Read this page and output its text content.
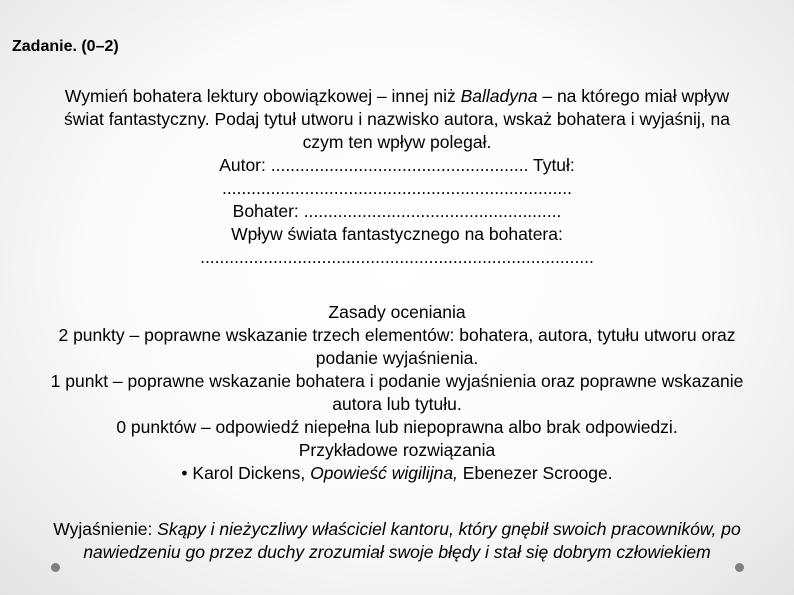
Zadanie. (0–2)
Wymień bohatera lektury obowiązkowej – innej niż Balladyna – na którego miał wpływ
świat fantastyczny. Podaj tytuł utworu i nazwisko autora, wskaż bohatera i wyjaśnij, na
czym ten wpływ polegał.
Autor: ..................................................... Tytuł:
........................................................................
Bohater: .....................................................
Wpływ świata fantastycznego na bohatera:
.................................................................................
Zasady oceniania
2 punkty – poprawne wskazanie trzech elementów: bohatera, autora, tytułu utworu oraz
podanie wyjaśnienia.
1 punkt – poprawne wskazanie bohatera i podanie wyjaśnienia oraz poprawne wskazanie
autora lub tytułu.
0 punktów – odpowiedź niepełna lub niepoprawna albo brak odpowiedzi.
Przykładowe rozwiązania
• Karol Dickens, Opowieść wigilijna, Ebenezer Scrooge.
Wyjaśnienie: Skąpy i nieżyczliwy właściciel kantoru, który gnębił swoich pracowników, po
nawiedzeniu go przez duchy zrozumiał swoje błędy i stał się dobrym człowiekiem
